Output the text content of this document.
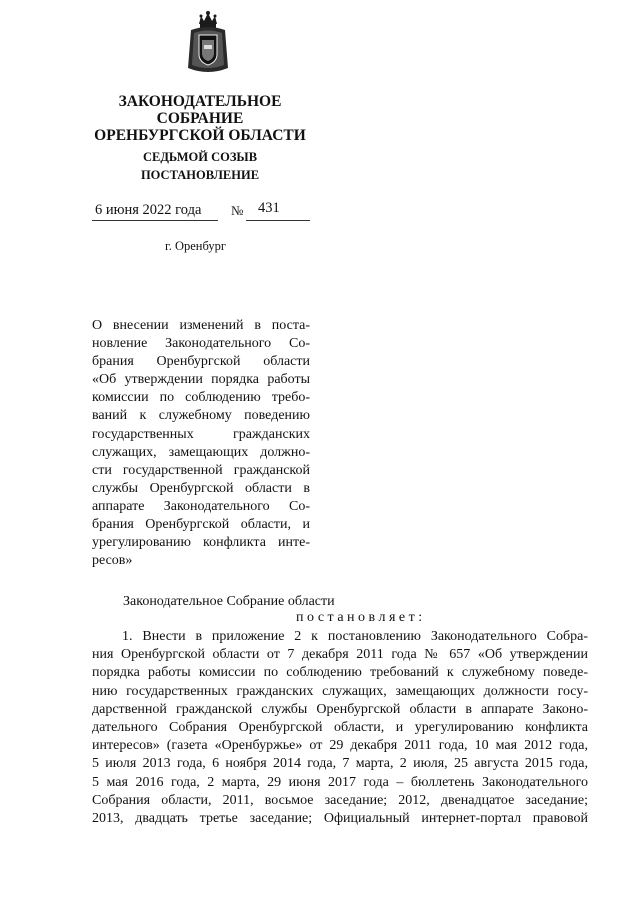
ЗАКОНОДАТЕЛЬНОЕ
СОБРАНИЕ
ОРЕНБУРГСКОЙ ОБЛАСТИ
СЕДЬМОЙ СОЗЫВ
ПОСТАНОВЛЕНИЕ
6 июня 2022 года № 431
г. Оренбург
О внесении изменений в поста-
новление Законодательного Со-
брания Оренбургской области
«Об утверждении порядка работы
комиссии по соблюдению требо-
ваний к служебному поведению
государственных гражданских
служащих, замещающих должно-
сти государственной гражданской
службы Оренбургской области в
аппарате Законодательного Со-
брания Оренбургской области, и
урегулированию конфликта инте-
ресов»
Законодательное Собрание области
постановляет:
1. Внести в приложение 2 к постановлению Законодательного Собра-
ния Оренбургской области от 7 декабря 2011 года № 657 «Об утверждении
порядка работы комиссии по соблюдению требований к служебному поведе-
нию государственных гражданских служащих, замещающих должности госу-
дарственной гражданской службы Оренбургской области в аппарате Законо-
дательного Собрания Оренбургской области, и урегулированию конфликта
интересов» (газета «Оренбуржье» от 29 декабря 2011 года, 10 мая 2012 года,
5 июля 2013 года, 6 ноября 2014 года, 7 марта, 2 июля, 25 августа 2015 года,
5 мая 2016 года, 2 марта, 29 июня 2017 года – бюллетень Законодательного
Собрания области, 2011, восьмое заседание; 2012, двенадцатое заседание;
2013, двадцать третье заседание; Официальный интернет-портал правовой
